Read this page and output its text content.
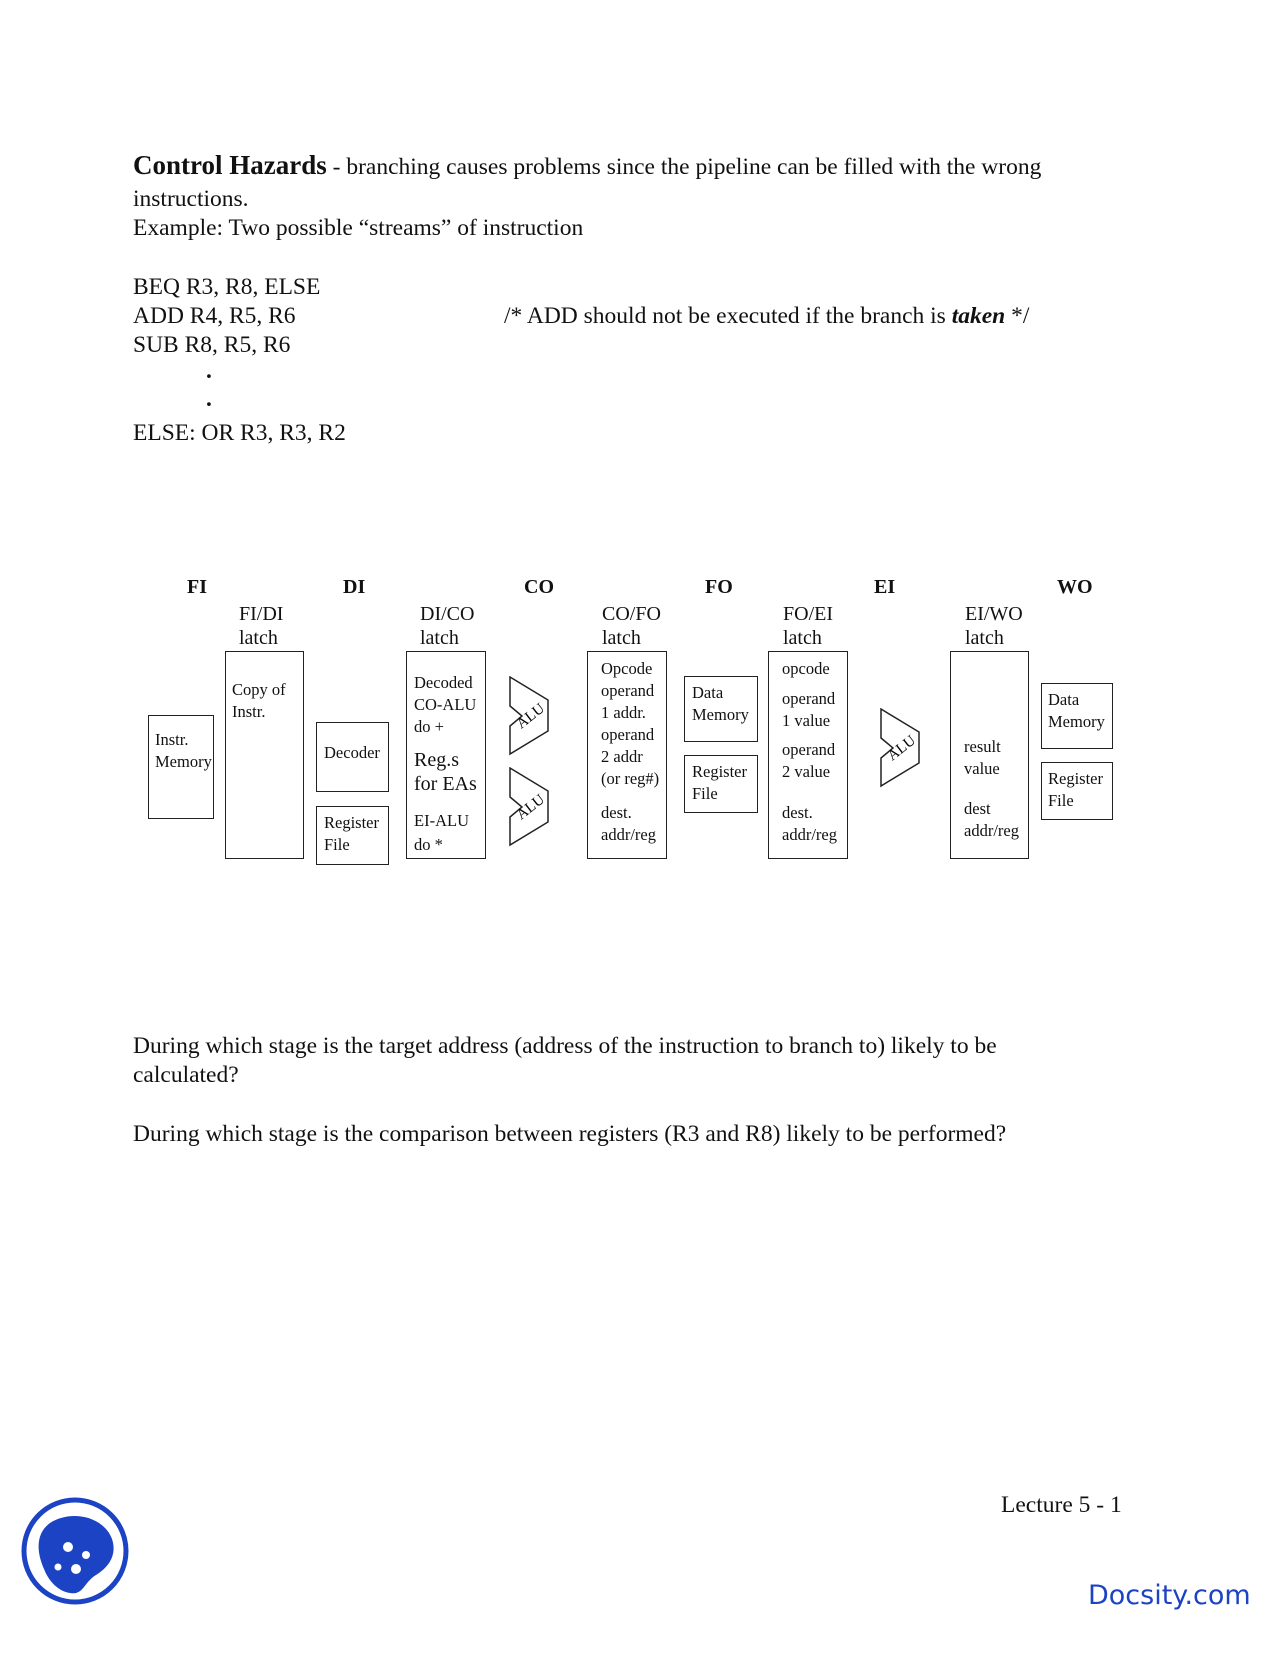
Control Hazards - branching causes problems since the pipeline can be filled with the wrong
instructions.
Example: Two possible “streams” of instruction
BEQ R3, R8, ELSE
ADD R4, R5, R6	/* ADD should not be executed if the branch is taken */
SUB R8, R5, R6
.
.
ELSE: OR R3, R3, R2
FI	DI	CO	FO	EI	WO
FI/DI
latch
DI/CO
latch
CO/FO
latch
FO/EI
latch
EI/WO
latch
Instr.
Memory
Copy of
Instr.
Decoder
Register
File
Decoded
CO-ALU
do +
Reg.s
for EAs
EI-ALU
do *
ALU
ALU
Opcode
operand
1 addr.
operand
2 addr
(or reg#)
dest.
addr/reg
Data
Memory
Register
File
opcode
operand
1 value
operand
2 value
dest.
addr/reg
ALU	result
value
dest
addr/reg
Data
Memory
Register
File
During which stage is the target address (address of the instruction to branch to) likely to be
calculated?
During which stage is the comparison between registers (R3 and R8) likely to be performed?
Lecture 5 - 1
Docsity.com
